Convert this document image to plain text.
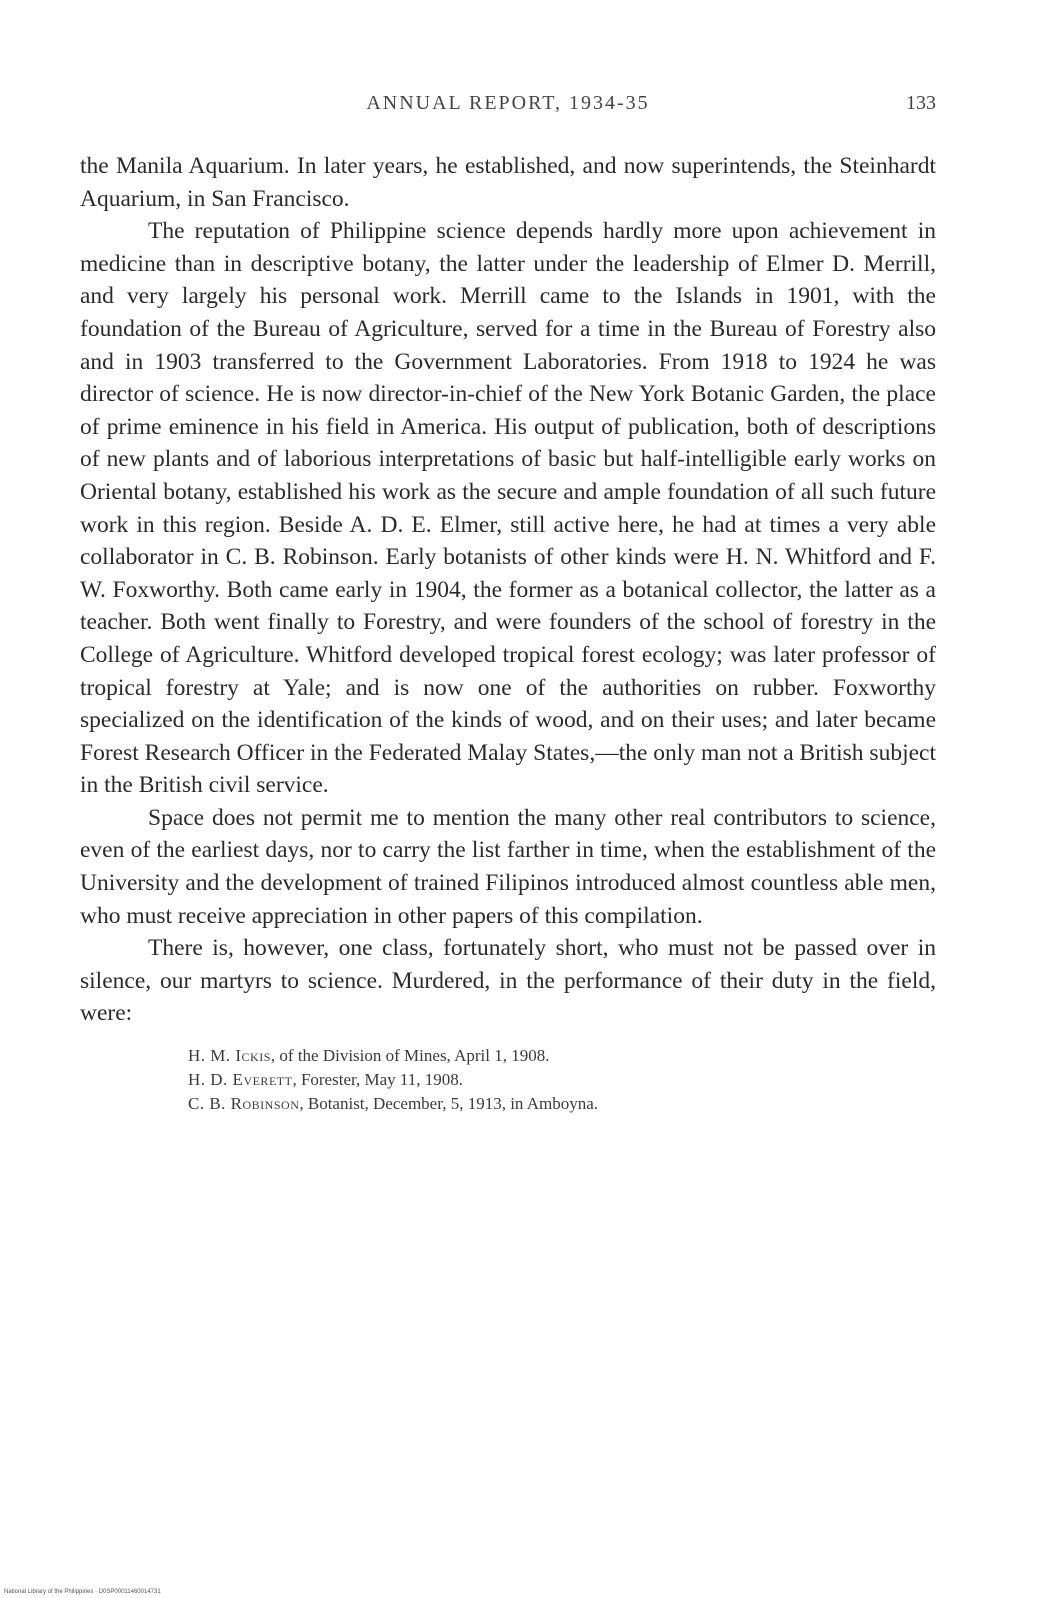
ANNUAL REPORT, 1934-35	133

the Manila Aquarium. In later years, he established, and now superintends, the Steinhardt Aquarium, in San Francisco.

The reputation of Philippine science depends hardly more upon achievement in medicine than in descriptive botany, the latter under the leadership of Elmer D. Merrill, and very largely his personal work. Merrill came to the Islands in 1901, with the foundation of the Bureau of Agriculture, served for a time in the Bureau of Forestry also and in 1903 transferred to the Government Laboratories. From 1918 to 1924 he was director of science. He is now director-in-chief of the New York Botanic Garden, the place of prime eminence in his field in America. His output of publication, both of descriptions of new plants and of laborious interpretations of basic but half-intelligible early works on Oriental botany, established his work as the secure and ample foundation of all such future work in this region. Beside A. D. E. Elmer, still active here, he had at times a very able collaborator in C. B. Robinson. Early botanists of other kinds were H. N. Whitford and F. W. Foxworthy. Both came early in 1904, the former as a botanical collector, the latter as a teacher. Both went finally to Forestry, and were founders of the school of forestry in the College of Agriculture. Whitford developed tropical forest ecology; was later professor of tropical forestry at Yale; and is now one of the authorities on rubber. Foxworthy specialized on the identification of the kinds of wood, and on their uses; and later became Forest Research Officer in the Federated Malay States,—the only man not a British subject in the British civil service.

Space does not permit me to mention the many other real contributors to science, even of the earliest days, nor to carry the list farther in time, when the establishment of the University and the development of trained Filipinos introduced almost countless able men, who must receive appreciation in other papers of this compilation.

There is, however, one class, fortunately short, who must not be passed over in silence, our martyrs to science. Murdered, in the performance of their duty in the field, were:

H. M. Ickis, of the Division of Mines, April 1, 1908.
H. D. Everett, Forester, May 11, 1908.
C. B. Robinson, Botanist, December, 5, 1913, in Amboyna.
National Library of the Philippines · D0SP00011460014731
